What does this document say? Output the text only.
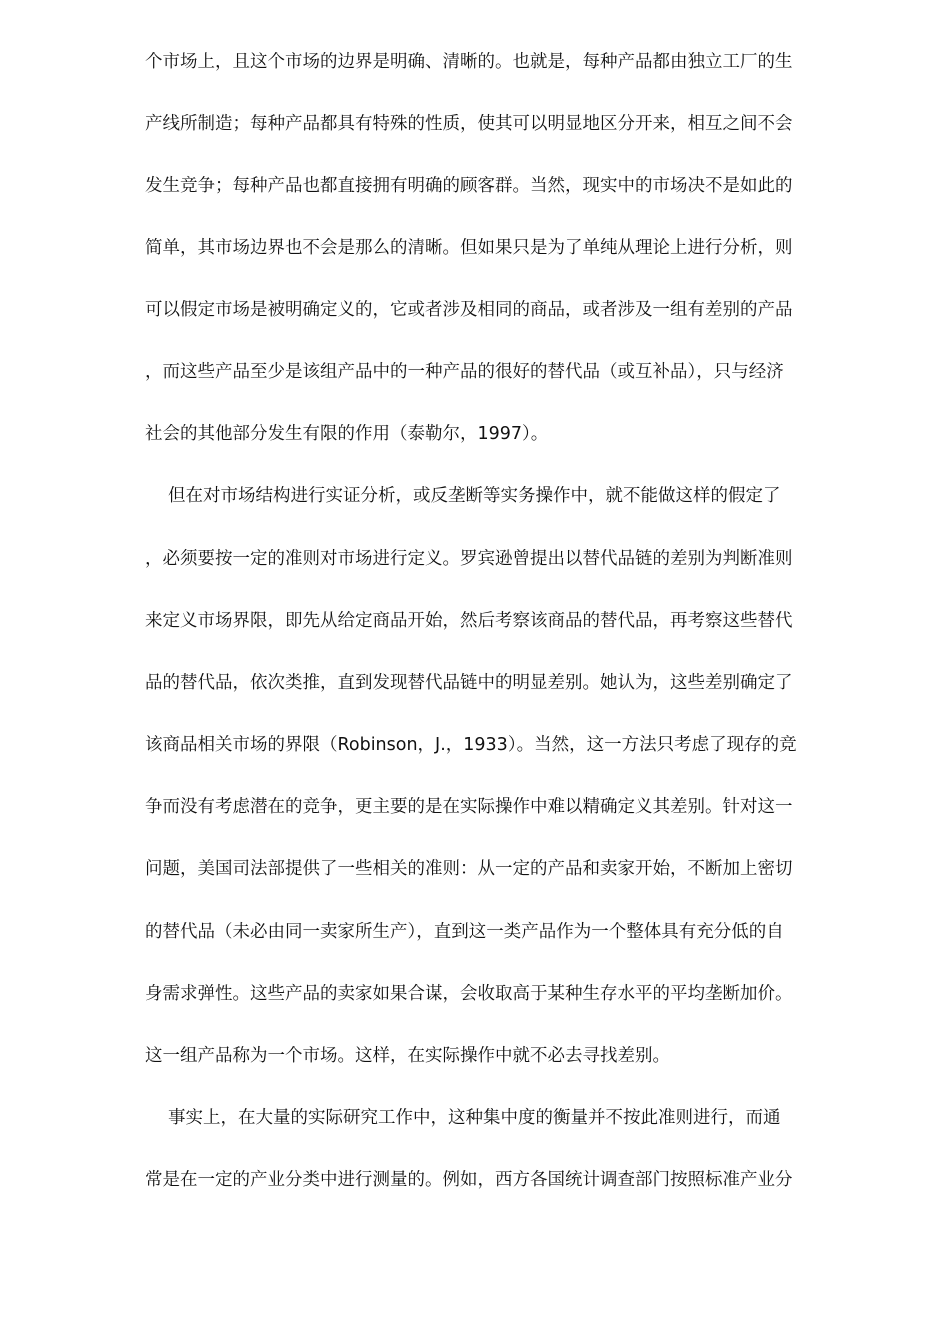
个市场上，且这个市场的边界是明确、清晰的。也就是，每种产品都由独立工厂的生
产线所制造；每种产品都具有特殊的性质，使其可以明显地区分开来，相互之间不会
发生竞争；每种产品也都直接拥有明确的顾客群。当然，现实中的市场决不是如此的
简单，其市场边界也不会是那么的清晰。但如果只是为了单纯从理论上进行分析，则
可以假定市场是被明确定义的，它或者涉及相同的商品，或者涉及一组有差别的产品
，而这些产品至少是该组产品中的一种产品的很好的替代品（或互补品），只与经济
社会的其他部分发生有限的作用（泰勒尔，1997）。
但在对市场结构进行实证分析，或反垄断等实务操作中，就不能做这样的假定了
，必须要按一定的准则对市场进行定义。罗宾逊曾提出以替代品链的差别为判断准则
来定义市场界限，即先从给定商品开始，然后考察该商品的替代品，再考察这些替代
品的替代品，依次类推，直到发现替代品链中的明显差别。她认为，这些差别确定了
该商品相关市场的界限（Robinson，J.，1933）。当然，这一方法只考虑了现存的竞
争而没有考虑潜在的竞争，更主要的是在实际操作中难以精确定义其差别。针对这一
问题，美国司法部提供了一些相关的准则：从一定的产品和卖家开始，不断加上密切
的替代品（未必由同一卖家所生产），直到这一类产品作为一个整体具有充分低的自
身需求弹性。这些产品的卖家如果合谋，会收取高于某种生存水平的平均垄断加价。
这一组产品称为一个市场。这样，在实际操作中就不必去寻找差别。
事实上，在大量的实际研究工作中，这种集中度的衡量并不按此准则进行，而通
常是在一定的产业分类中进行测量的。例如，西方各国统计调查部门按照标准产业分
